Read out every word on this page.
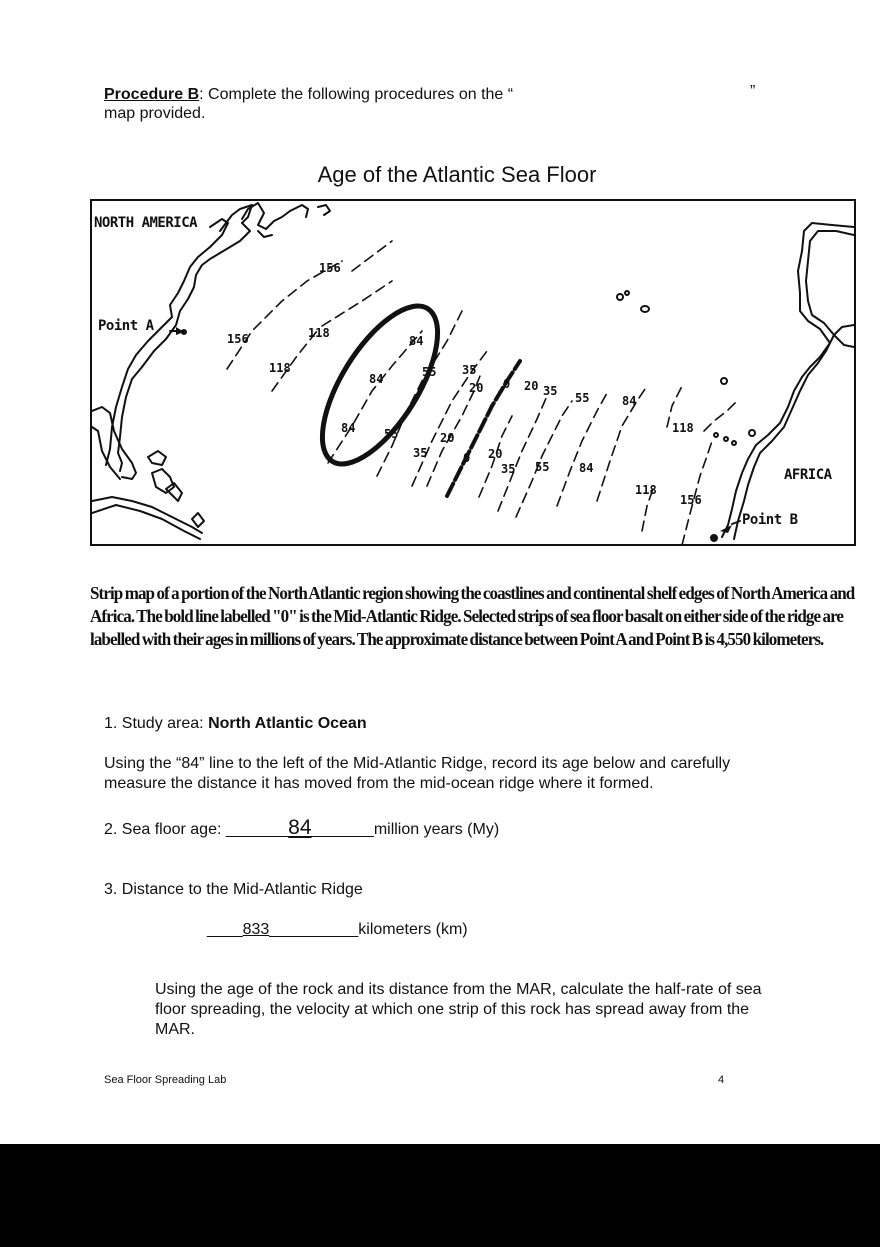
Procedure B: Complete the following procedures on the “	”
map provided.
Age of the Atlantic Sea Floor
NORTH AMERICA
Point A
AFRICA
Point B
156
156	118
118
84
84
84
55
55
35
35
20
20
0
0 20
20
35
35
55
55
84
84
118
118
156
Strip map of a portion of the North Atlantic region showing the coastlines and continental shelf edges of North America and Africa. The bold line labelled "0" is the Mid-Atlantic Ridge. Selected strips of sea floor basalt on either side of the ridge are labelled with their ages in millions of years. The approximate distance between Point A and Point B is 4,550 kilometers.
1. Study area: North Atlantic Ocean
Using the “84” line to the left of the Mid-Atlantic Ridge, record its age below and carefully measure the distance it has moved from the mid-ocean ridge where it formed.
2. Sea floor age: _______84_______million years (My)
3. Distance to the Mid-Atlantic Ridge
____833__________kilometers (km)
Using the age of the rock and its distance from the MAR, calculate the half-rate of sea floor spreading, the velocity at which one strip of this rock has spread away from the MAR.
Sea Floor Spreading Lab	4
